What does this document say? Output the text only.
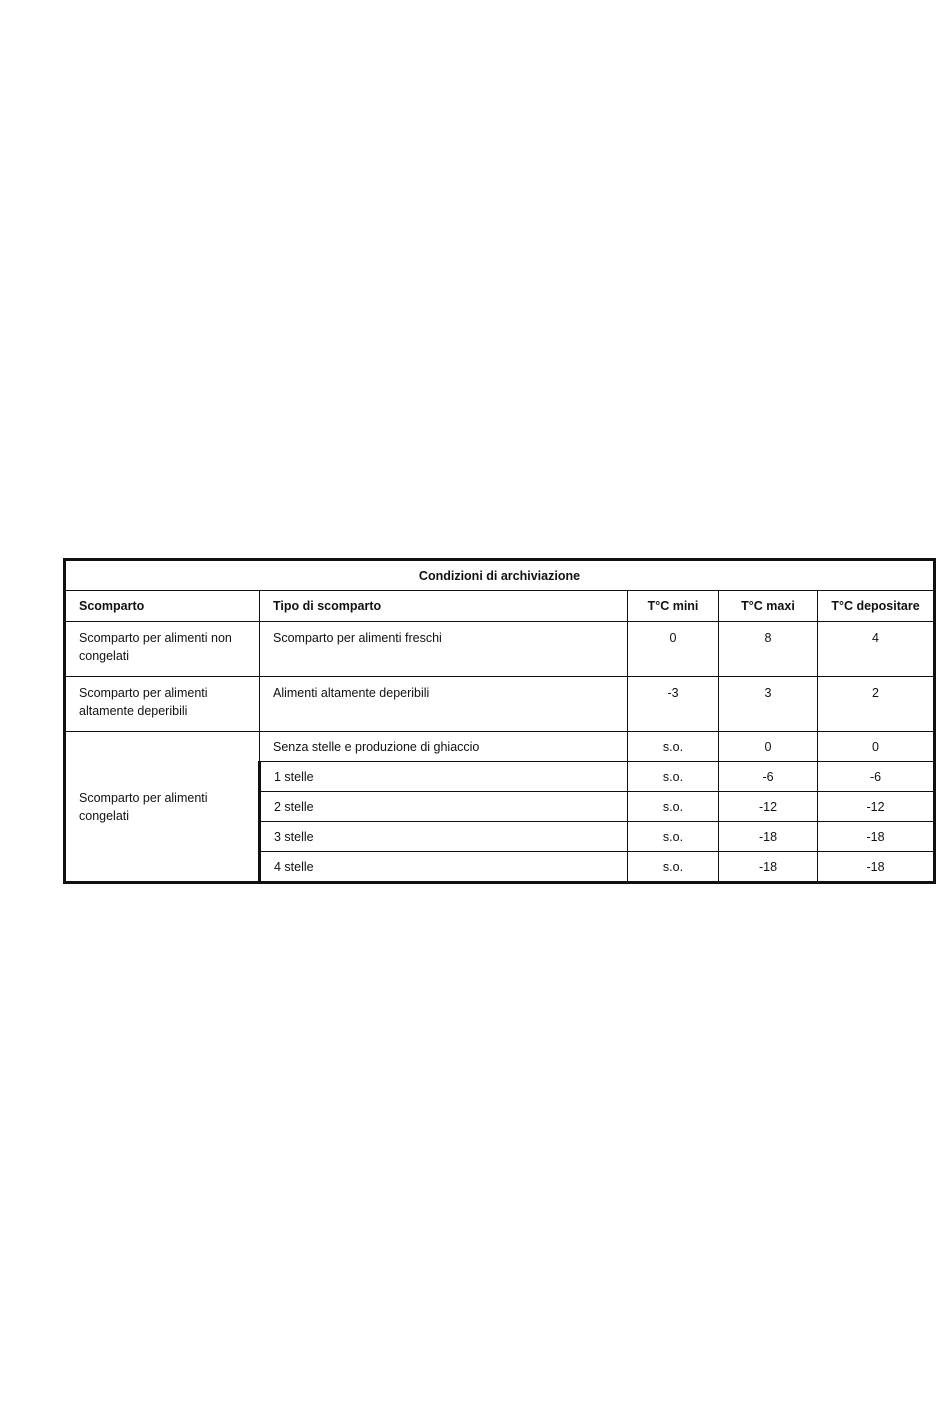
Condizioni di archiviazione				
Scomparto	Tipo di scomparto	T°C mini	T°C maxi	T°C depositare
Scomparto per alimenti non congelati	Scomparto per alimenti freschi	0	8	4
Scomparto per alimenti altamente deperibili	Alimenti altamente deperibili	-3	3	2
Scomparto per alimenti congelati	Senza stelle e produzione di ghiaccio	s.o.	0	0
	1 stelle	s.o.	-6	-6
	2 stelle	s.o.	-12	-12
	3 stelle	s.o.	-18	-18
	4 stelle	s.o.	-18	-18
